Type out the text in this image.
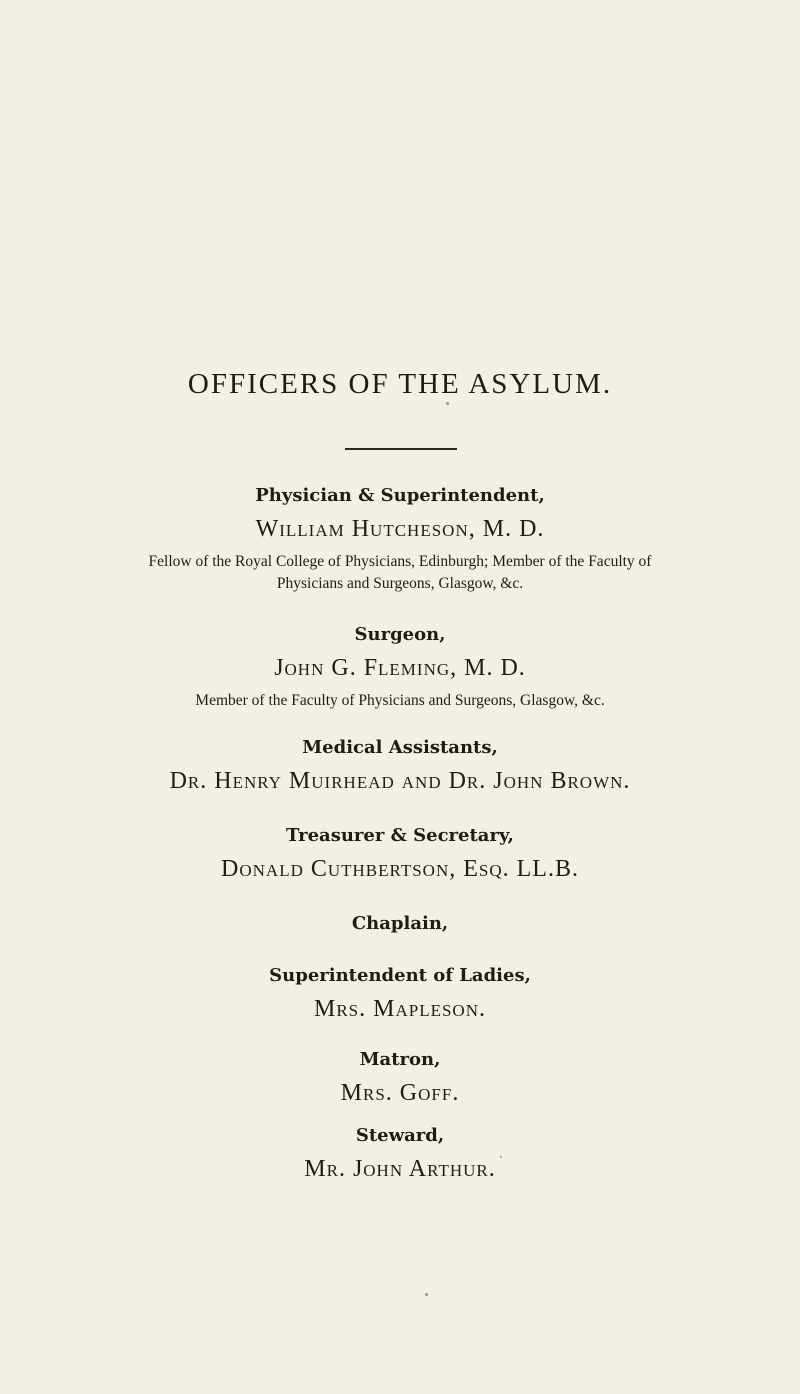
OFFICERS OF THE ASYLUM.

Physician & Superintendent,

William Hutcheson, M. D.

Fellow of the Royal College of Physicians, Edinburgh; Member of the Faculty of

Physicians and Surgeons, Glasgow, &c.

Surgeon,

John G. Fleming, M. D.

Member of the Faculty of Physicians and Surgeons, Glasgow, &c.

Medical Assistants,

Dr. Henry Muirhead and Dr. John Brown.

Treasurer & Secretary,

Donald Cuthbertson, Esq. LL.B.

Chaplain,

Superintendent of Ladies,

Mrs. Mapleson.

Matron,

Mrs. Goff.

Steward,

Mr. John Arthur.
